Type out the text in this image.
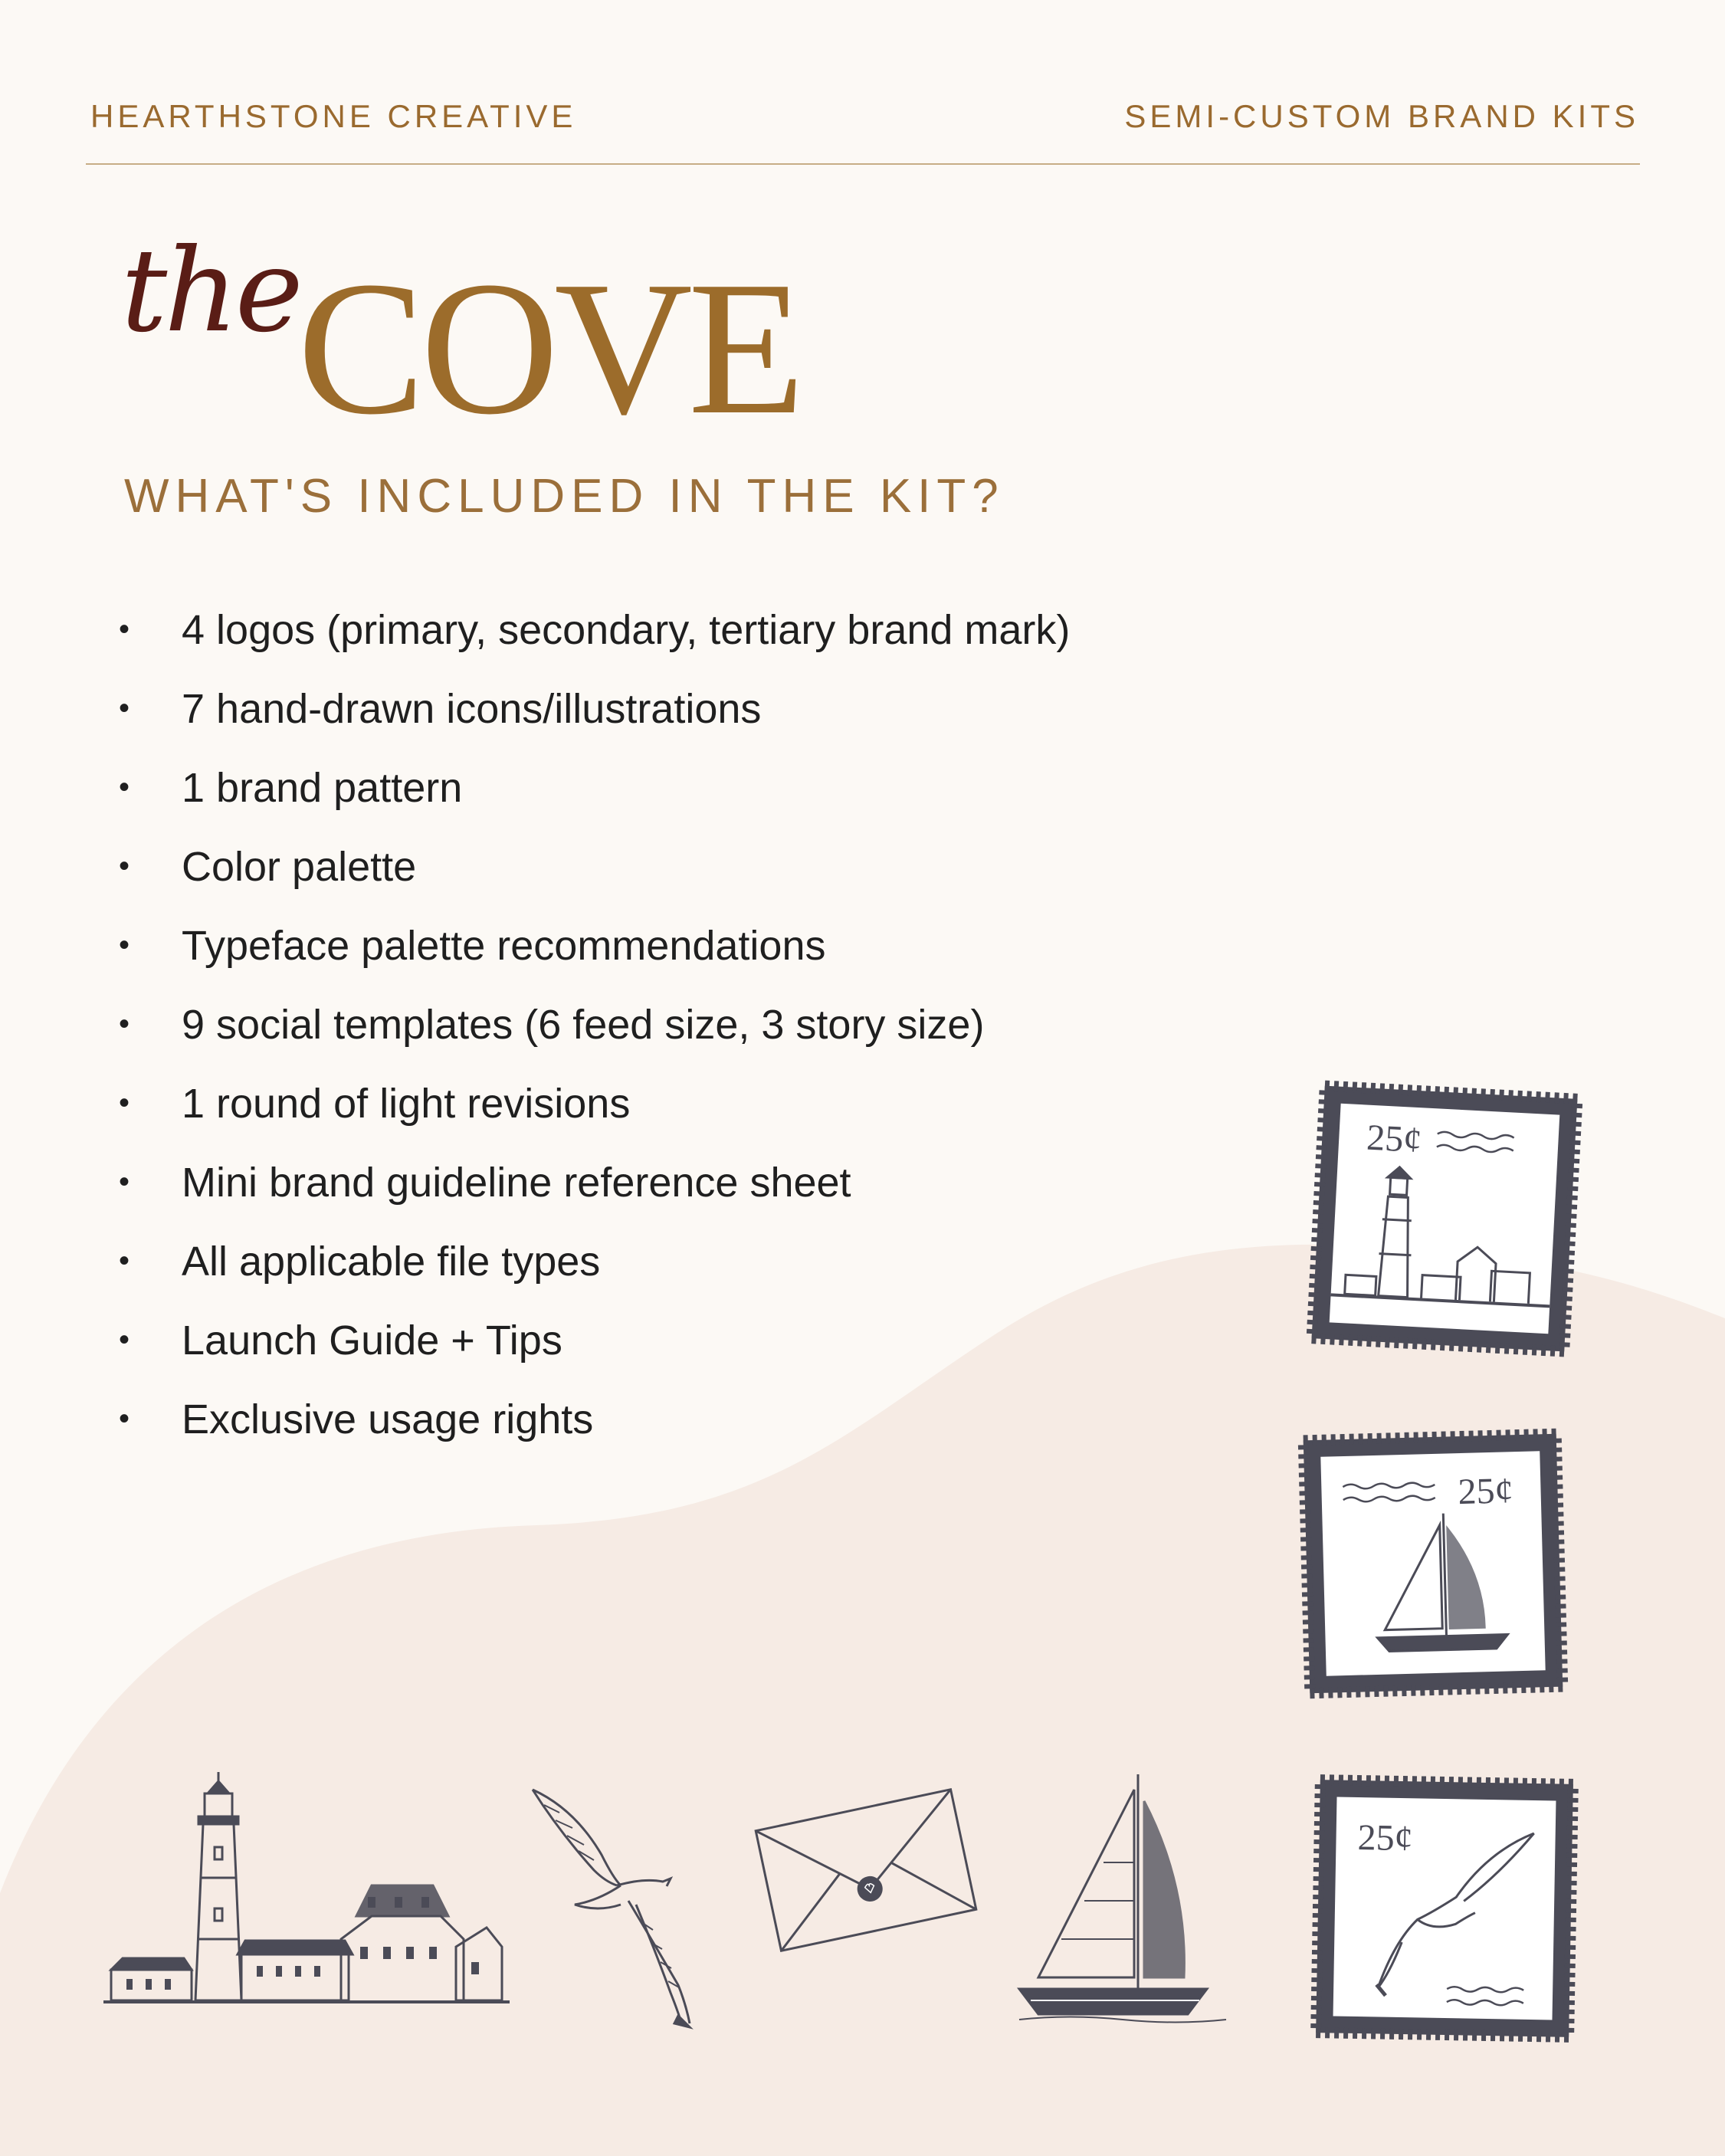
HEARTHSTONE CREATIVE	SEMI-CUSTOM BRAND KITS
the
COVE
WHAT'S INCLUDED IN THE KIT?
•	4 logos (primary, secondary, tertiary brand mark)
•	7 hand-drawn icons/illustrations
•	1 brand pattern
•	Color palette
•	Typeface palette recommendations
•	9 social templates (6 feed size, 3 story size)
•	1 round of light revisions
•	Mini brand guideline reference sheet
•	All applicable file types
•	Launch Guide + Tips
•	Exclusive usage rights
25¢
25¢
25¢
